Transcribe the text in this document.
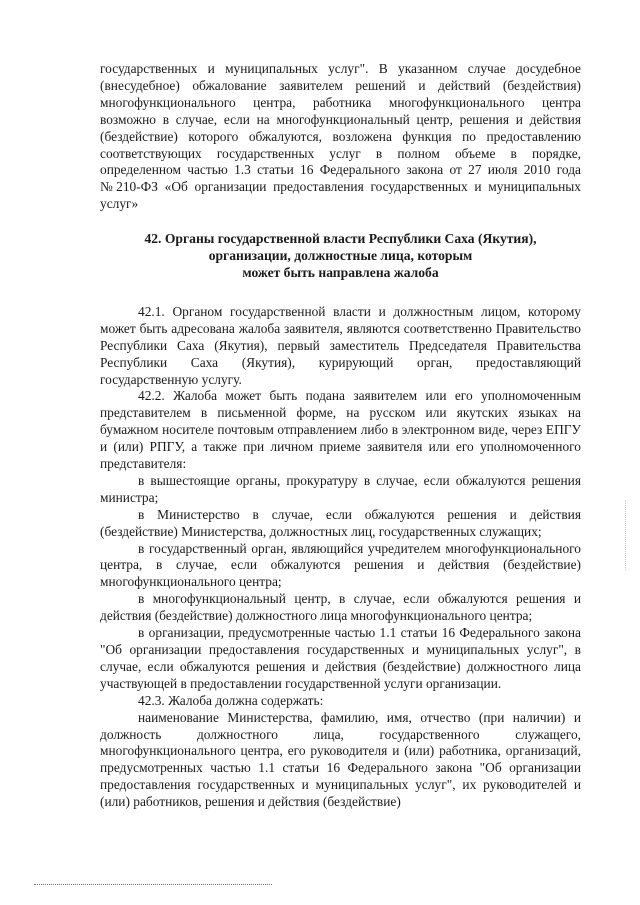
государственных и муниципальных услуг". В указанном случае досудебное (внесудебное) обжалование заявителем решений и действий (бездействия) многофункционального центра, работника многофункционального центра возможно в случае, если на многофункциональный центр, решения и действия (бездействие) которого обжалуются, возложена функция по предоставлению соответствующих государственных услуг в полном объеме в порядке, определенном частью 1.3 статьи 16 Федерального закона от 27 июля 2010 года №210-ФЗ «Об организации предоставления государственных и муниципальных услуг»

42. Органы государственной власти Республики Саха (Якутия),
организации, должностные лица, которым
может быть направлена жалоба

42.1. Органом государственной власти и должностным лицом, которому может быть адресована жалоба заявителя, являются соответственно Правительство Республики Саха (Якутия), первый заместитель Председателя Правительства Республики Саха (Якутия), курирующий орган, предоставляющий государственную услугу.

42.2. Жалоба может быть подана заявителем или его уполномоченным представителем в письменной форме, на русском или якутских языках на бумажном носителе почтовым отправлением либо в электронном виде, через ЕПГУ и (или) РПГУ, а также при личном приеме заявителя или его уполномоченного представителя:

в вышестоящие органы, прокуратуру в случае, если обжалуются решения министра;

в Министерство в случае, если обжалуются решения и действия (бездействие) Министерства, должностных лиц, государственных служащих;

в государственный орган, являющийся учредителем многофункционального центра, в случае, если обжалуются решения и действия (бездействие) многофункционального центра;

в многофункциональный центр, в случае, если обжалуются решения и действия (бездействие) должностного лица многофункционального центра;

в организации, предусмотренные частью 1.1 статьи 16 Федерального закона "Об организации предоставления государственных и муниципальных услуг", в случае, если обжалуются решения и действия (бездействие) должностного лица участвующей в предоставлении государственной услуги организации.

42.3. Жалоба должна содержать:

наименование Министерства, фамилию, имя, отчество (при наличии) и должность должностного лица, государственного служащего, многофункционального центра, его руководителя и (или) работника, организаций, предусмотренных частью 1.1 статьи 16 Федерального закона "Об организации предоставления государственных и муниципальных услуг", их руководителей и (или) работников, решения и действия (бездействие)
